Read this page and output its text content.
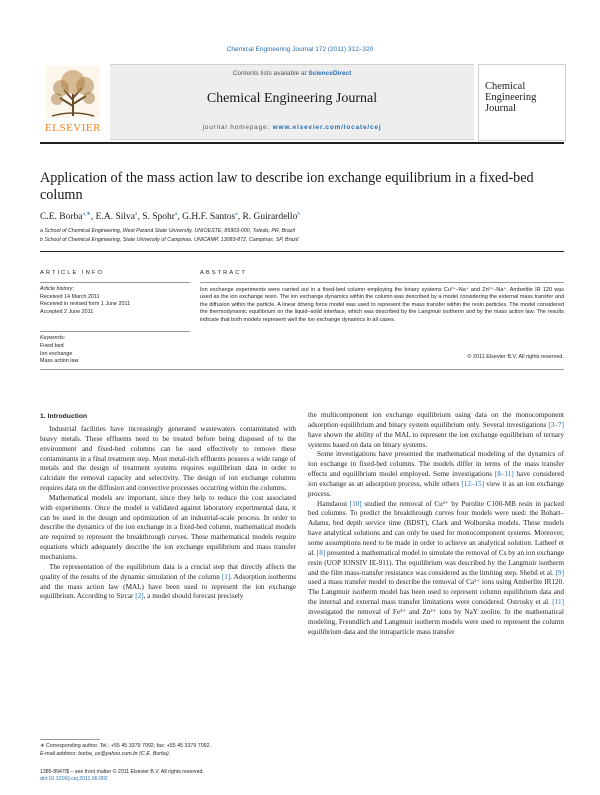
Chemical Engineering Journal 172 (2011) 312–320
ELSEVIER
Contents lists available at ScienceDirect
Chemical Engineering Journal
journal homepage: www.elsevier.com/locate/cej
Chemical
Engineering
Journal
Application of the mass action law to describe ion exchange equilibrium in a fixed-bed column
C.E. Borba$^{a,∗}$, E.A. Silva$^a$, S. Spohr$^a$, G.H.F. Santos$^a$, R. Guirardello$^b$
a School of Chemical Engineering, West Paraná State University, UNIOESTE, 85903-000, Toledo, PR, Brazil
b School of Chemical Engineering, State University of Campinas, UNICAMP, 13083-872, Campinas, SP, Brazil
ARTICLE INFO	ABSTRACT
Article history:
Received 14 March 2011
Received in revised form 1 June 2011
Accepted 2 June 2011
Keywords:
Fixed bed
Ion exchange
Mass action law
Ion exchange experiments were carried out in a fixed-bed column employing the binary systems Cu²⁺–Na⁺ and Zn²⁺–Na⁺. Amberlite IR 120 was used as the ion exchange resin. The ion exchange dynamics within the column was described by a model considering the external mass transfer and the diffusion within the particle. A linear driving force model was used to represent the mass transfer within the resin particles. The model considered the thermodynamic equilibrium on the liquid–solid interface, which was described by the Langmuir isotherm and by the mass action law. The results indicate that both models represent well the ion exchange dynamics in all cases.
© 2011 Elsevier B.V. All rights reserved.
1. Introduction

Industrial facilities have increasingly generated wastewaters contaminated with heavy metals. These effluents need to be treated before being disposed of to the environment and fixed-bed columns can be used effectively to remove these contaminants in a final treatment step. Most metal-rich effluents possess a wide range of metals and the design of treatment systems requires equilibrium data in order to calculate the removal capacity and selectivity. The design of ion exchange columns requires data on the diffusion and convective processes occurring within the columns.

Mathematical models are important, since they help to reduce the cost associated with experiments. Once the model is validated against laboratory experimental data, it can be used in the design and optimization of an industrial-scale process. In order to describe the dynamics of the ion exchange in a fixed-bed column, mathematical models are required to represent the breakthrough curves. These mathematical models require equations which adequately describe the ion exchange equilibrium and mass transfer mechanisms.

The representation of the equilibrium data is a crucial step that directly affects the quality of the results of the dynamic simulation of the column [1]. Adsorption isotherms and the mass action law (MAL) have been used to represent the ion exchange equilibrium. According to Sircar [2], a model should forecast precisely

the multicomponent ion exchange equilibrium using data on the monocomponent adsorption equilibrium and binary system equilibrium only. Several investigations [3–7] have shown the ability of the MAL to represent the ion exchange equilibrium of ternary systems based on data on binary systems.

Some investigations have presented the mathematical modeling of the dynamics of ion exchange in fixed-bed columns. The models differ in terms of the mass transfer effects and equilibrium model employed. Some investigations [8–11] have considered ion exchange as an adsorption process, while others [12–15] view it as an ion exchange process.

Hamdaoui [10] studied the removal of Cu²⁺ by Purolite C100-MB resin in packed bed columns. To predict the breakthrough curves four models were used: the Bohart–Adams, bed depth service time (BDST), Clark and Wolborska models. These models have analytical solutions and can only be used for monocomponent systems. Moreover, some assumptions need to be made in order to achieve an analytical solution. Latheef et al. [8] presented a mathematical model to simulate the removal of Cs by an ion exchange resin (UOP IONSIV IE-911). The equilibrium was described by the Langmuir isotherm and the film mass-transfer resistance was considered as the limiting step. Shebil et al. [9] used a mass transfer model to describe the removal of Ca²⁺ ions using Amberlite IR120. The Langmuir isotherm model has been used to represent column equilibrium data and the internal and external mass transfer limitations were considered. Ostrosky et al. [11] investigated the removal of Fe³⁺ and Zn²⁺ ions by NaY zeolite. In the mathematical modeling, Freundlich and Langmuir isotherm models were used to represent the column equilibrium data and the intraparticle mass transfer

∗ Corresponding author. Tel.: +55 45 3379 7092; fax: +55 45 3379 7092.
E-mail address: borba_ce@yahoo.com.br (C.E. Borba).
1385-8947/$ – see front matter © 2011 Elsevier B.V. All rights reserved.
doi:10.1016/j.cej.2011.06.002
